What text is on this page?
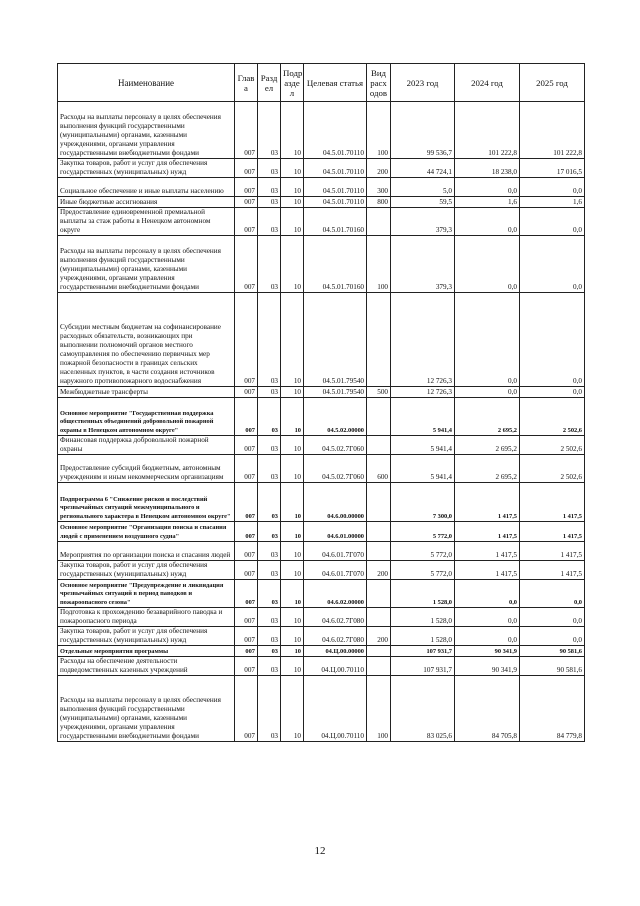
Наименование	Глав а	Разд ел	Подр азде л	Целевая статья	Вид расх одов	2023 год	2024 год	2025 год
Расходы на выплаты персоналу в целях обеспечения выполнения функций государственными (муниципальными) органами, казенными учреждениями, органами управления государственными внебюджетными фондами	007	03	10	04.5.01.70110	100	99 536,7	101 222,8	101 222,8
Закупка товаров, работ и услуг для обеспечения государственных (муниципальных) нужд	007	03	10	04.5.01.70110	200	44 724,1	18 238,0	17 016,5
Социальное обеспечение и иные выплаты населению	007	03	10	04.5.01.70110	300	5,0	0,0	0,0
Иные бюджетные ассигнования	007	03	10	04.5.01.70110	800	59,5	1,6	1,6
Предоставление единовременной премиальной выплаты за стаж работы в Ненецком автономном округе	007	03	10	04.5.01.70160		379,3	0,0	0,0
Расходы на выплаты персоналу в целях обеспечения выполнения функций государственными (муниципальными) органами, казенными учреждениями, органами управления государственными внебюджетными фондами	007	03	10	04.5.01.70160	100	379,3	0,0	0,0
Субсидии местным бюджетам на софинансирование расходных обязательств, возникающих при выполнении полномочий органов местного самоуправления по обеспечению первичных мер пожарной безопасности в границах сельских населенных пунктов, в части создания источников наружного противопожарного водоснабжения	007	03	10	04.5.01.79540		12 726,3	0,0	0,0
Межбюджетные трансферты	007	03	10	04.5.01.79540	500	12 726,3	0,0	0,0
Основное мероприятие "Государственная поддержка общественных объединений добровольной пожарной охраны в Ненецком автономном округе"	007	03	10	04.5.02.00000		5 941,4	2 695,2	2 502,6
Финансовая поддержка добровольной пожарной охраны	007	03	10	04.5.02.7Г060		5 941,4	2 695,2	2 502,6
Предоставление субсидий бюджетным, автономным учреждениям и иным некоммерческим организациям	007	03	10	04.5.02.7Г060	600	5 941,4	2 695,2	2 502,6
Подпрограмма 6 "Снижение рисков и последствий чрезвычайных ситуаций межмуниципального и регионального характера в Ненецком автономном округе"	007	03	10	04.6.00.00000		7 300,0	1 417,5	1 417,5
Основное мероприятие "Организация поиска и спасания людей с применением воздушного судна"	007	03	10	04.6.01.00000		5 772,0	1 417,5	1 417,5
Мероприятия по организации поиска и спасания людей	007	03	10	04.6.01.7Г070		5 772,0	1 417,5	1 417,5
Закупка товаров, работ и услуг для обеспечения государственных (муниципальных) нужд	007	03	10	04.6.01.7Г070	200	5 772,0	1 417,5	1 417,5
Основное мероприятие "Предупреждение и ликвидация чрезвычайных ситуаций в период паводков и пожароопасного сезона"	007	03	10	04.6.02.00000		1 528,0	0,0	0,0
Подготовка к прохождению безаварийного паводка и пожароопасного периода	007	03	10	04.6.02.7Г080		1 528,0	0,0	0,0
Закупка товаров, работ и услуг для обеспечения государственных (муниципальных) нужд	007	03	10	04.6.02.7Г080	200	1 528,0	0,0	0,0
Отдельные мероприятия программы	007	03	10	04.Ц.00.00000		107 931,7	90 341,9	90 581,6
Расходы на обеспечение деятельности подведомственных казенных учреждений	007	03	10	04.Ц.00.70110		107 931,7	90 341,9	90 581,6
Расходы на выплаты персоналу в целях обеспечения выполнения функций государственными (муниципальными) органами, казенными учреждениями, органами управления государственными внебюджетными фондами	007	03	10	04.Ц.00.70110	100	83 025,6	84 705,8	84 779,8
12
